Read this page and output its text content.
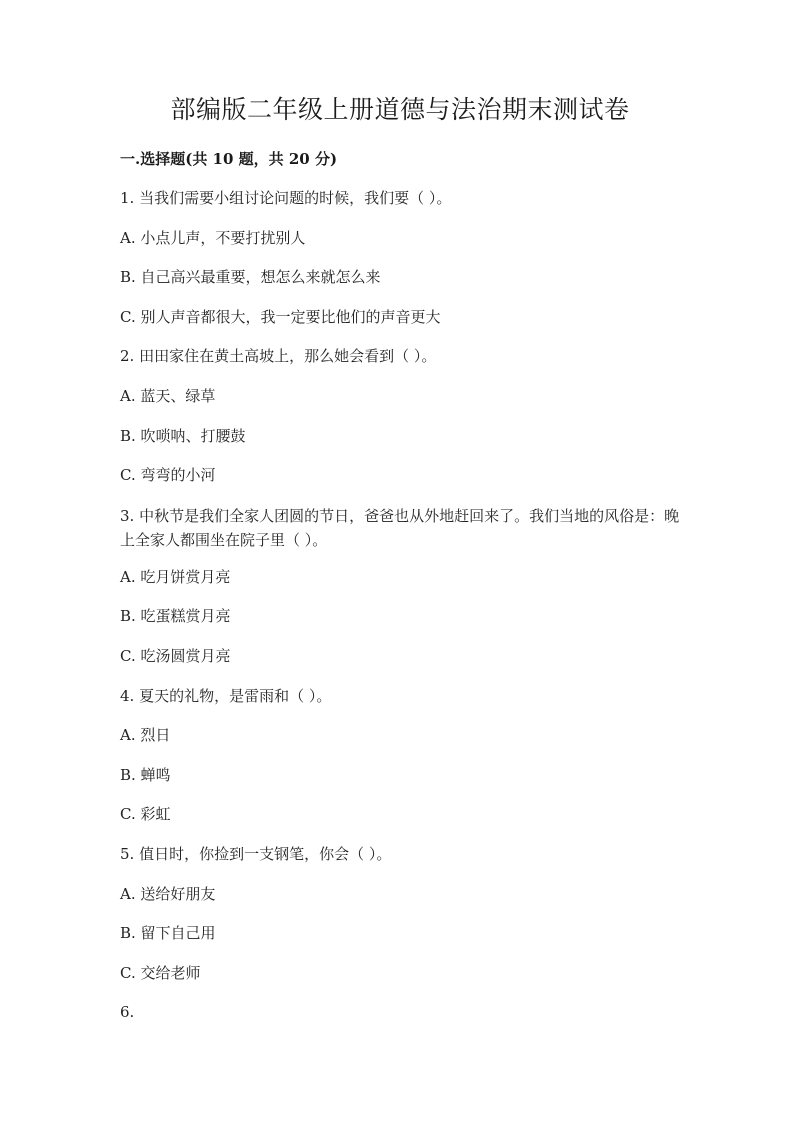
部编版二年级上册道德与法治期末测试卷
一.选择题(共 10 题，共 20 分)
1. 当我们需要小组讨论问题的时候，我们要（ ）。
A. 小点儿声，不要打扰别人
B. 自己高兴最重要，想怎么来就怎么来
C. 别人声音都很大，我一定要比他们的声音更大
2. 田田家住在黄土高坡上，那么她会看到（ ）。
A. 蓝天、绿草
B. 吹唢呐、打腰鼓
C. 弯弯的小河
3. 中秋节是我们全家人团圆的节日，爸爸也从外地赶回来了。我们当地的风俗是：晚上全家人都围坐在院子里（ ）。
A. 吃月饼赏月亮
B. 吃蛋糕赏月亮
C. 吃汤圆赏月亮
4. 夏天的礼物，是雷雨和（ ）。
A. 烈日
B. 蝉鸣
C. 彩虹
5. 值日时，你捡到一支钢笔，你会（ ）。
A. 送给好朋友
B. 留下自己用
C. 交给老师
6.
